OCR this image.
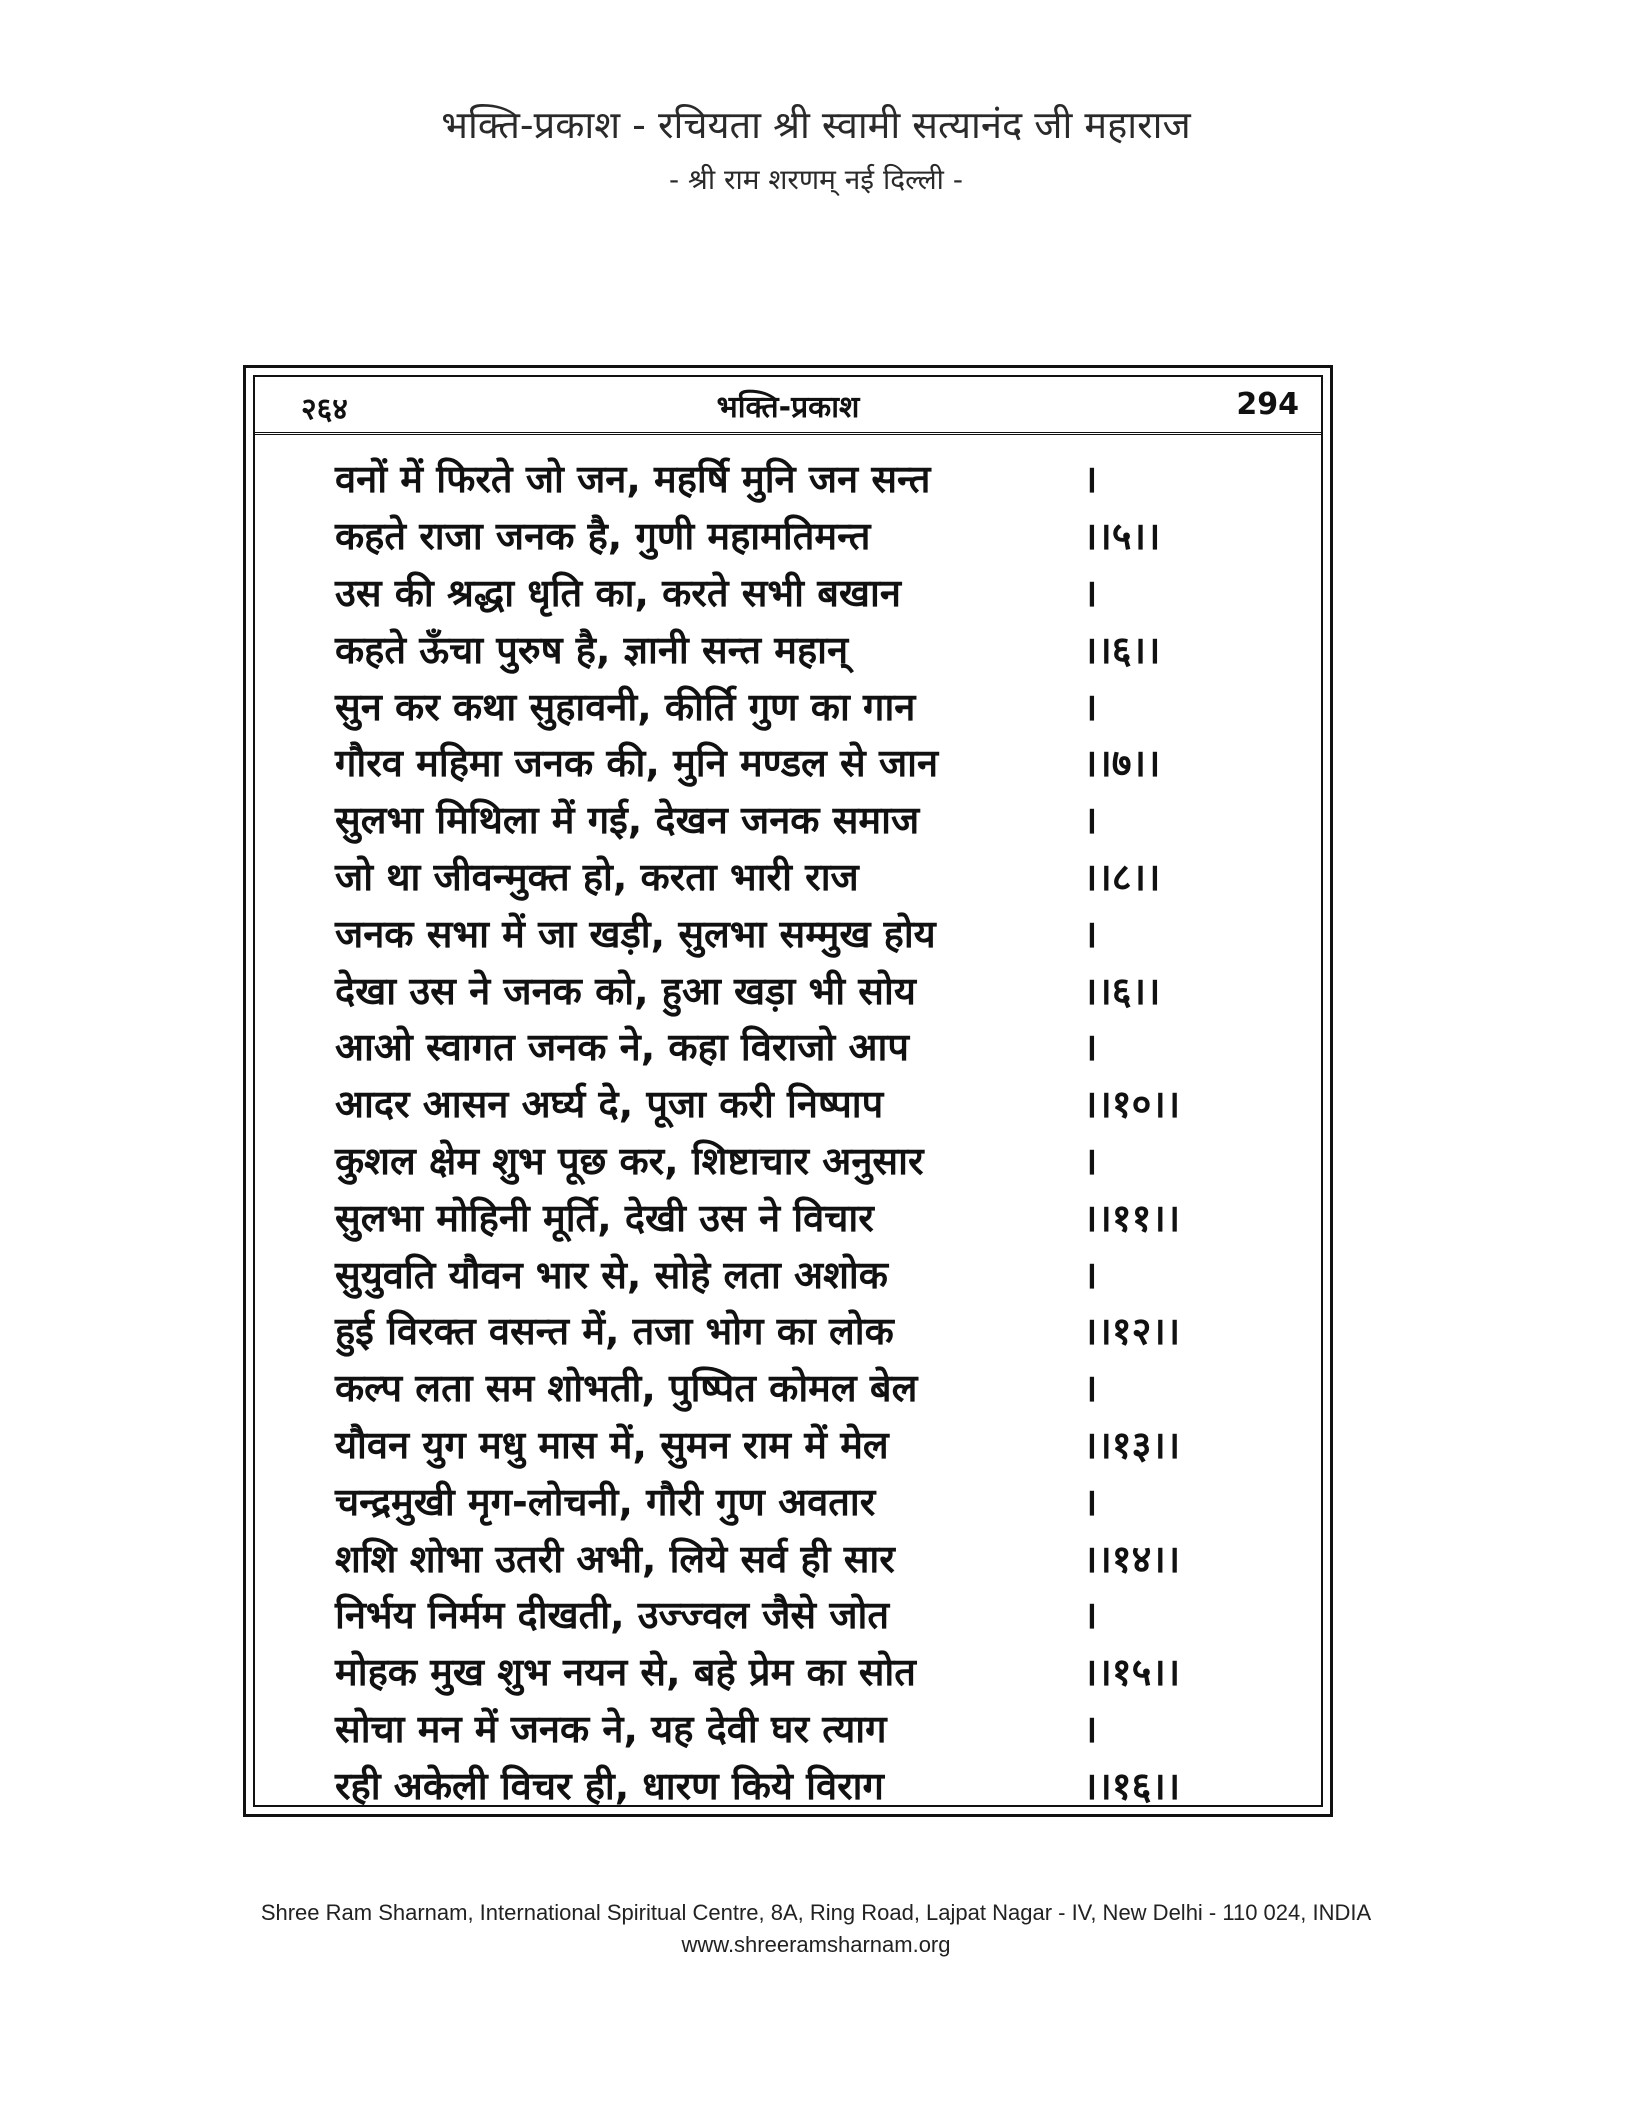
भक्ति-प्रकाश - रचियता श्री स्वामी सत्यानंद जी महाराज
- श्री राम शरणम् नई दिल्ली -
२६४	भक्ति-प्रकाश	294
वनों में फिरते जो जन, महर्षि मुनि जन सन्त	।
कहते राजा जनक है, गुणी महामतिमन्त	।।५।।
उस की श्रद्धा धृति का, करते सभी बखान	।
कहते ऊँचा पुरुष है, ज्ञानी सन्त महान्	।।६।।
सुन कर कथा सुहावनी, कीर्ति गुण का गान	।
गौरव महिमा जनक की, मुनि मण्डल से जान	।।७।।
सुलभा मिथिला में गई, देखन जनक समाज	।
जो था जीवन्मुक्त हो, करता भारी राज	।।८।।
जनक सभा में जा खड़ी, सुलभा सम्मुख होय	।
देखा उस ने जनक को, हुआ खड़ा भी सोय	।।६।।
आओ स्वागत जनक ने, कहा विराजो आप	।
आदर आसन अर्घ्य दे, पूजा करी निष्पाप	।।१०।।
कुशल क्षेम शुभ पूछ कर, शिष्टाचार अनुसार	।
सुलभा मोहिनी मूर्ति, देखी उस ने विचार	।।११।।
सुयुवति यौवन भार से, सोहे लता अशोक	।
हुई विरक्त वसन्त में, तजा भोग का लोक	।।१२।।
कल्प लता सम शोभती, पुष्पित कोमल बेल	।
यौवन युग मधु मास में, सुमन राम में मेल	।।१३।।
चन्द्रमुखी मृग-लोचनी, गौरी गुण अवतार	।
शशि शोभा उतरी अभी, लिये सर्व ही सार	।।१४।।
निर्भय निर्मम दीखती, उज्ज्वल जैसे जोत	।
मोहक मुख शुभ नयन से, बहे प्रेम का सोत	।।१५।।
सोचा मन में जनक ने, यह देवी घर त्याग	।
रही अकेली विचर ही, धारण किये विराग	।।१६।।
Shree Ram Sharnam, International Spiritual Centre, 8A, Ring Road, Lajpat Nagar - IV, New Delhi - 110 024, INDIA
www.shreeramsharnam.org
